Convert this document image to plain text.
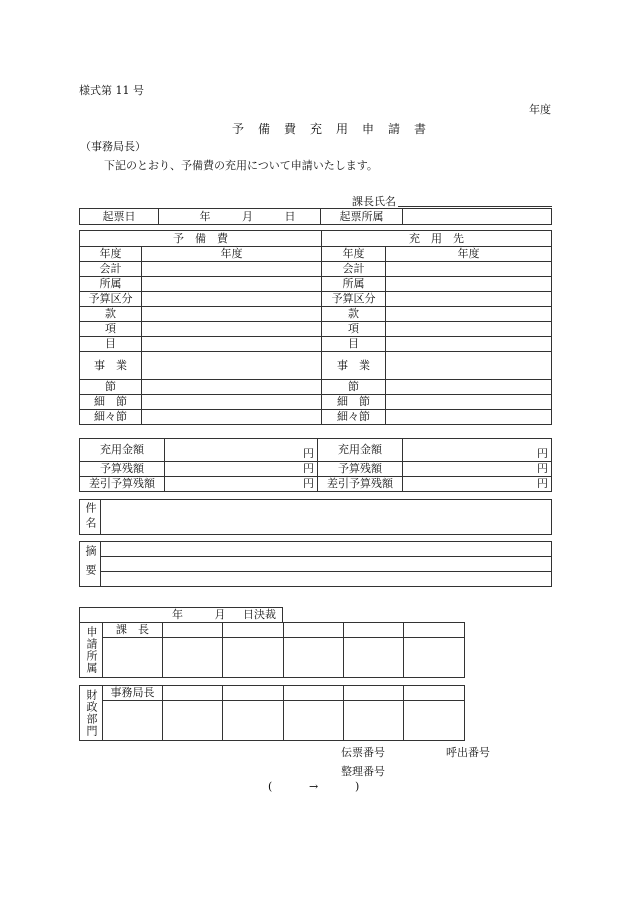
様式第 11 号
年度
予　備　費　充　用　申　請　書
（事務局長）
下記のとおり、予備費の充用について申請いたします。
課長氏名
起票日	年	月	日	起票所属	
予　備　費		充　用　先	
年度	年度	年度	年度
会計		会計	
所属		所属	
予算区分		予算区分	
款		款	
項		項	
目		目	
事　業		事　業	
節		節	
細　節		細　節	
細々節		細々節	
充用金額	円	充用金額	円
予算残額	円	予算残額	円
差引予算残額	円	差引予算残額	円
件名	
摘要	

年	月 日決裁
申請所属	課　長					

財政部門	事務局長					

伝票番号	呼出番号
整理番号
(	→	)
